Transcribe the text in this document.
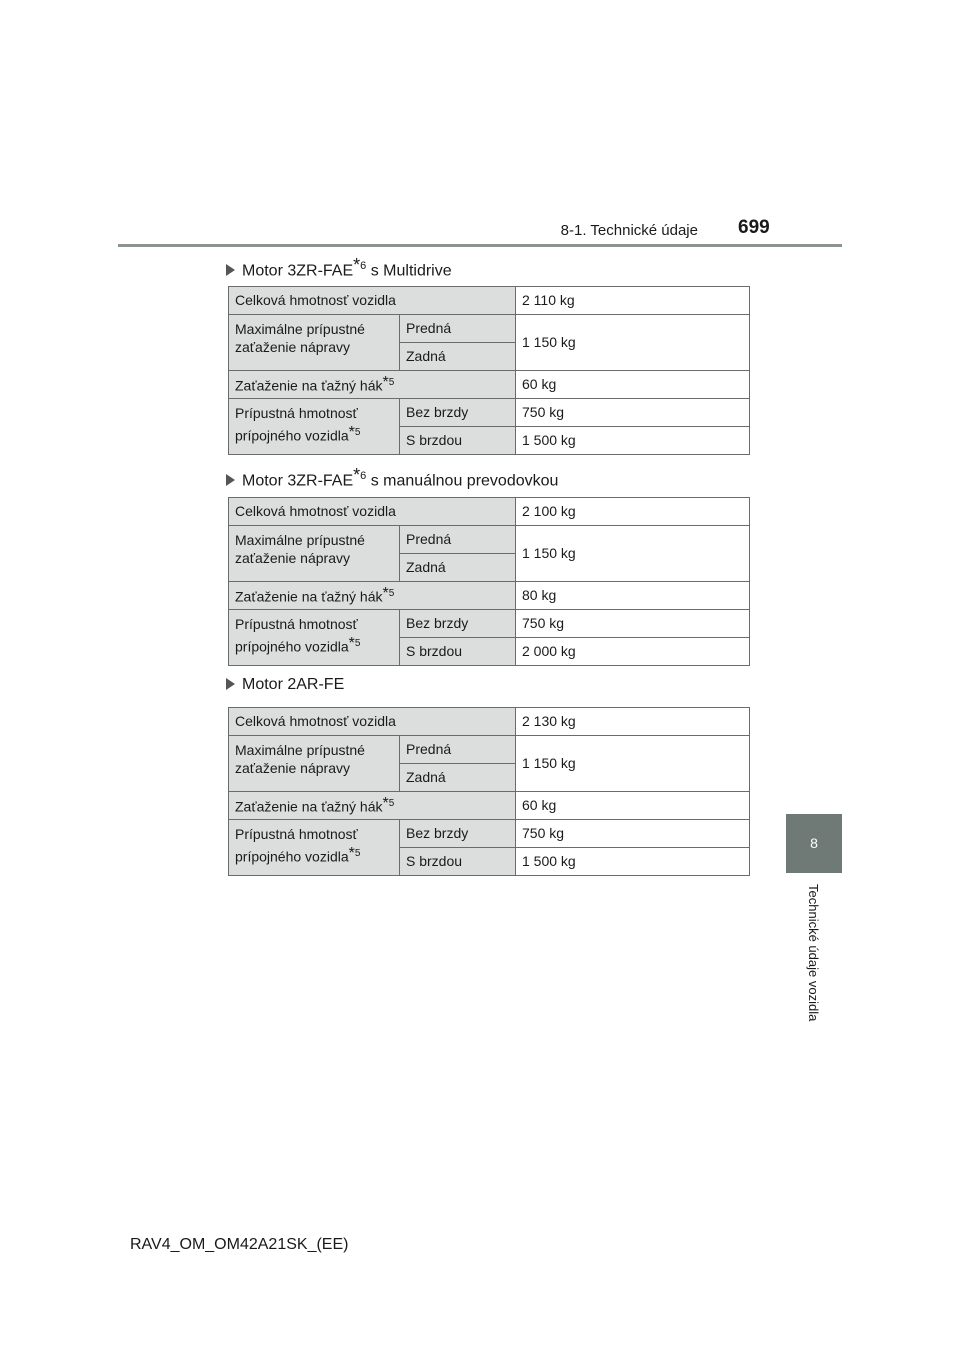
8-1. Technické údaje 699
8
Technické údaje vozidla
Motor 3ZR-FAE$^{*6}$ s Multidrive
Celková hmotnosť vozidla		2 110 kg
Maximálne prípustné zaťaženie nápravy	Predná	1 150 kg
	Zadná	
Zaťaženie na ťažný hák$^{*5}$		60 kg
Prípustná hmotnosť prípojného vozidla$^{*5}$	Bez brzdy	750 kg
	S brzdou	1 500 kg
Motor 3ZR-FAE$^{*6}$ s manuálnou prevodovkou
Celková hmotnosť vozidla		2 100 kg
Maximálne prípustné zaťaženie nápravy	Predná	1 150 kg
	Zadná	
Zaťaženie na ťažný hák$^{*5}$		80 kg
Prípustná hmotnosť prípojného vozidla$^{*5}$	Bez brzdy	750 kg
	S brzdou	2 000 kg
Motor 2AR-FE
Celková hmotnosť vozidla		2 130 kg
Maximálne prípustné zaťaženie nápravy	Predná	1 150 kg
	Zadná	
Zaťaženie na ťažný hák$^{*5}$		60 kg
Prípustná hmotnosť prípojného vozidla$^{*5}$	Bez brzdy	750 kg
	S brzdou	1 500 kg
RAV4_OM_OM42A21SK_(EE)
